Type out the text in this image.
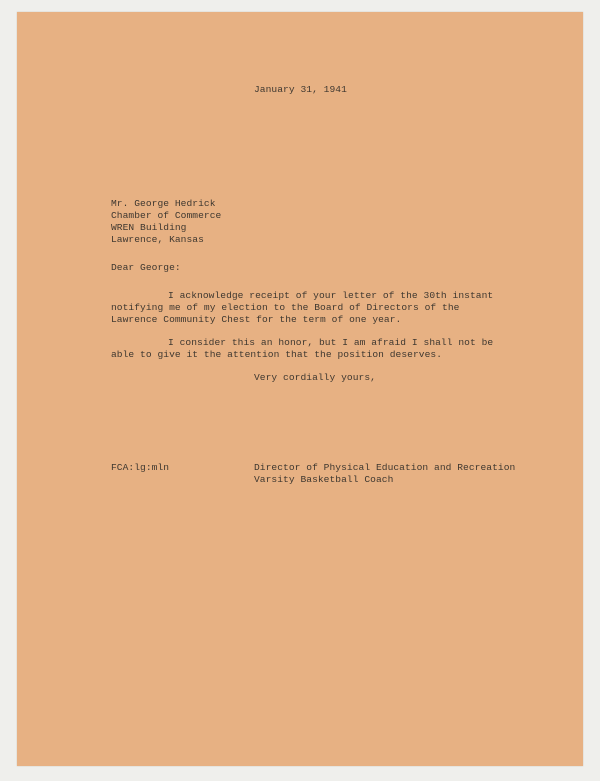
January 31, 1941

Mr. George Hedrick

Chamber of Commerce

WREN Building

Lawrence, Kansas

Dear George:

I acknowledge receipt of your letter of the 30th instant

notifying me of my election to the Board of Directors of the

Lawrence Community Chest for the term of one year.

I consider this an honor, but I am afraid I shall not be

able to give it the attention that the position deserves.

Very cordially yours,

FCA:lg:mln	Director of Physical Education and Recreation

Varsity Basketball Coach
